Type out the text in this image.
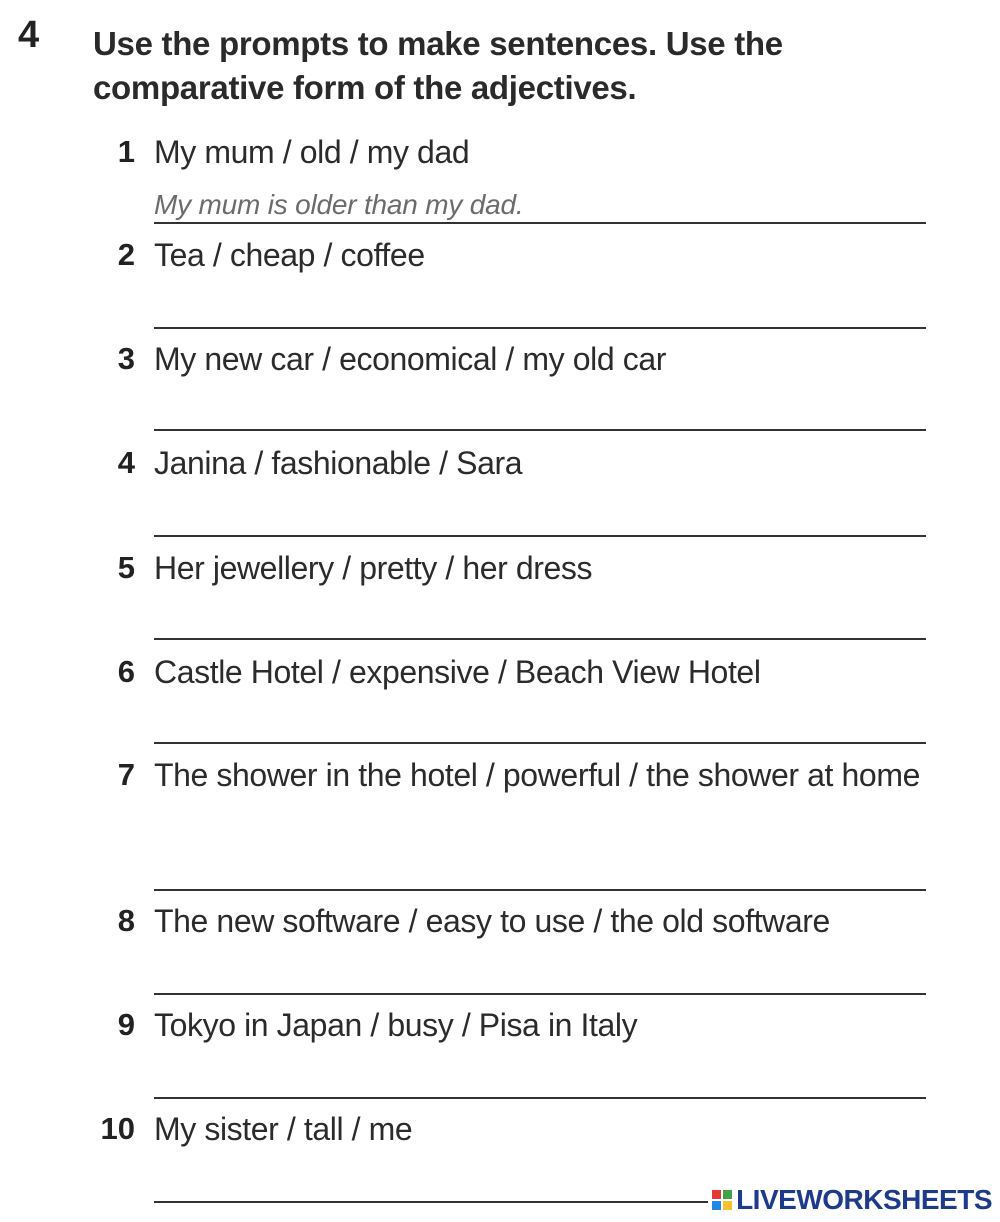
4 Use the prompts to make sentences. Use the comparative form of the adjectives.
1 My mum / old / my dad
My mum is older than my dad.
2 Tea / cheap / coffee
3 My new car / economical / my old car
4 Janina / fashionable / Sara
5 Her jewellery / pretty / her dress
6 Castle Hotel / expensive / Beach View Hotel
7 The shower in the hotel / powerful / the shower at home
8 The new software / easy to use / the old software
9 Tokyo in Japan / busy / Pisa in Italy
10 My sister / tall / me
LIVEWORKSHEETS
